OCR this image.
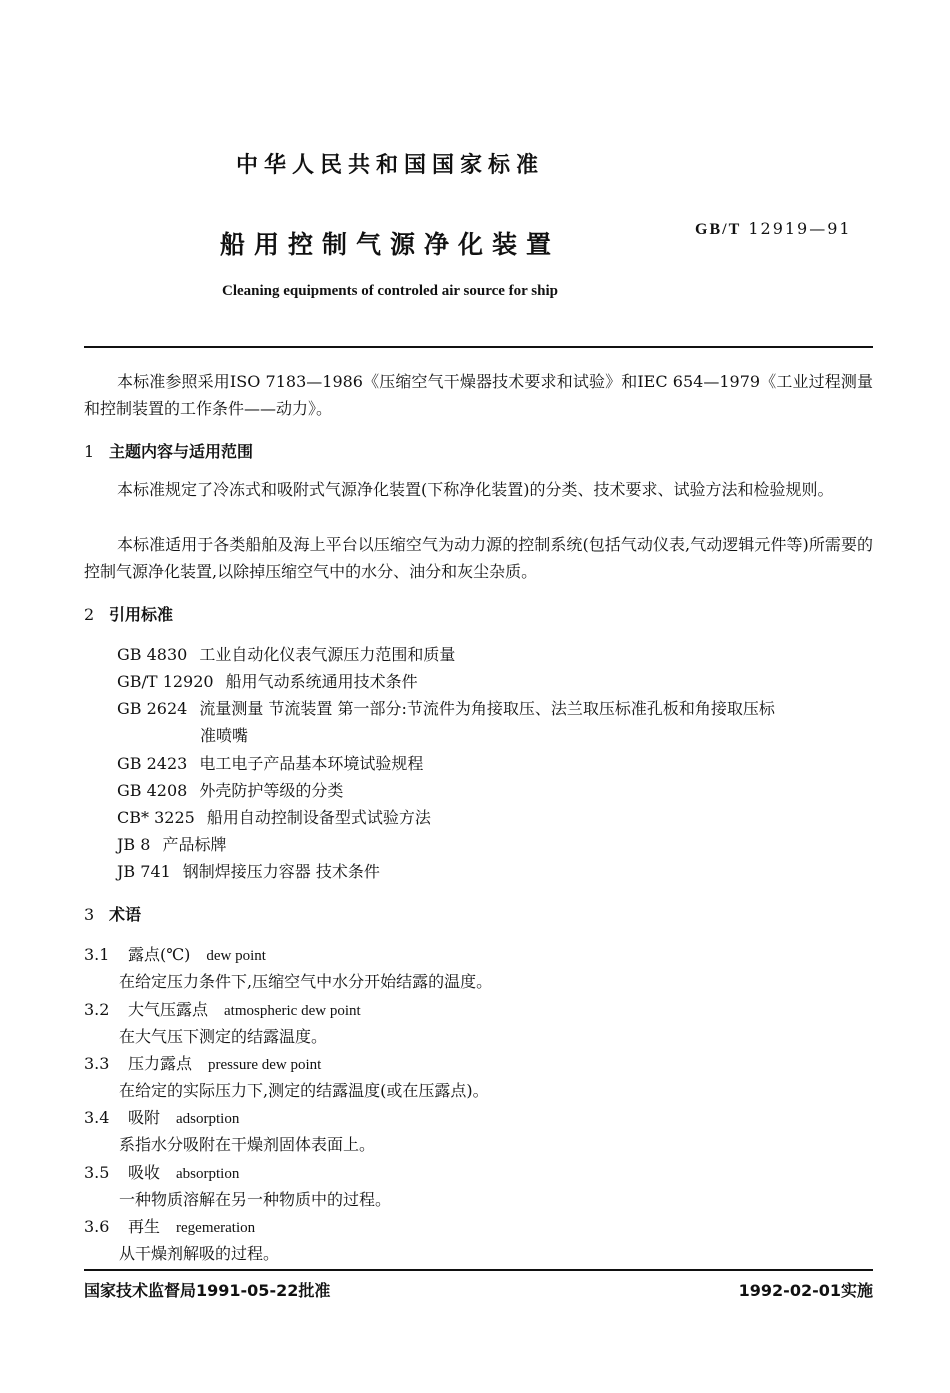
中华人民共和国国家标准
船用控制气源净化装置
GB/T 12919—91
Cleaning equipments of controled air source for ship
本标准参照采用ISO 7183—1986《压缩空气干燥器技术要求和试验》和IEC 654—1979《工业过程测量和控制装置的工作条件——动力》。
1 主题内容与适用范围
本标准规定了冷冻式和吸附式气源净化装置(下称净化装置)的分类、技术要求、试验方法和检验规则。
本标准适用于各类船舶及海上平台以压缩空气为动力源的控制系统(包括气动仪表,气动逻辑元件等)所需要的控制气源净化装置,以除掉压缩空气中的水分、油分和灰尘杂质。
2 引用标准
GB 4830 工业自动化仪表气源压力范围和质量
GB/T 12920 船用气动系统通用技术条件
GB 2624 流量测量 节流装置 第一部分:节流件为角接取压、法兰取压标准孔板和角接取压标
准喷嘴
GB 2423 电工电子产品基本环境试验规程
GB 4208 外壳防护等级的分类
CB* 3225 船用自动控制设备型式试验方法
JB 8 产品标牌
JB 741 钢制焊接压力容器 技术条件
3 术语
3.1 露点(℃) dew point
在给定压力条件下,压缩空气中水分开始结露的温度。
3.2 大气压露点 atmospheric dew point
在大气压下测定的结露温度。
3.3 压力露点 pressure dew point
在给定的实际压力下,测定的结露温度(或在压露点)。
3.4 吸附 adsorption
系指水分吸附在干燥剂固体表面上。
3.5 吸收 absorption
一种物质溶解在另一种物质中的过程。
3.6 再生 regemeration
从干燥剂解吸的过程。
国家技术监督局1991-05-22批准	1992-02-01实施
